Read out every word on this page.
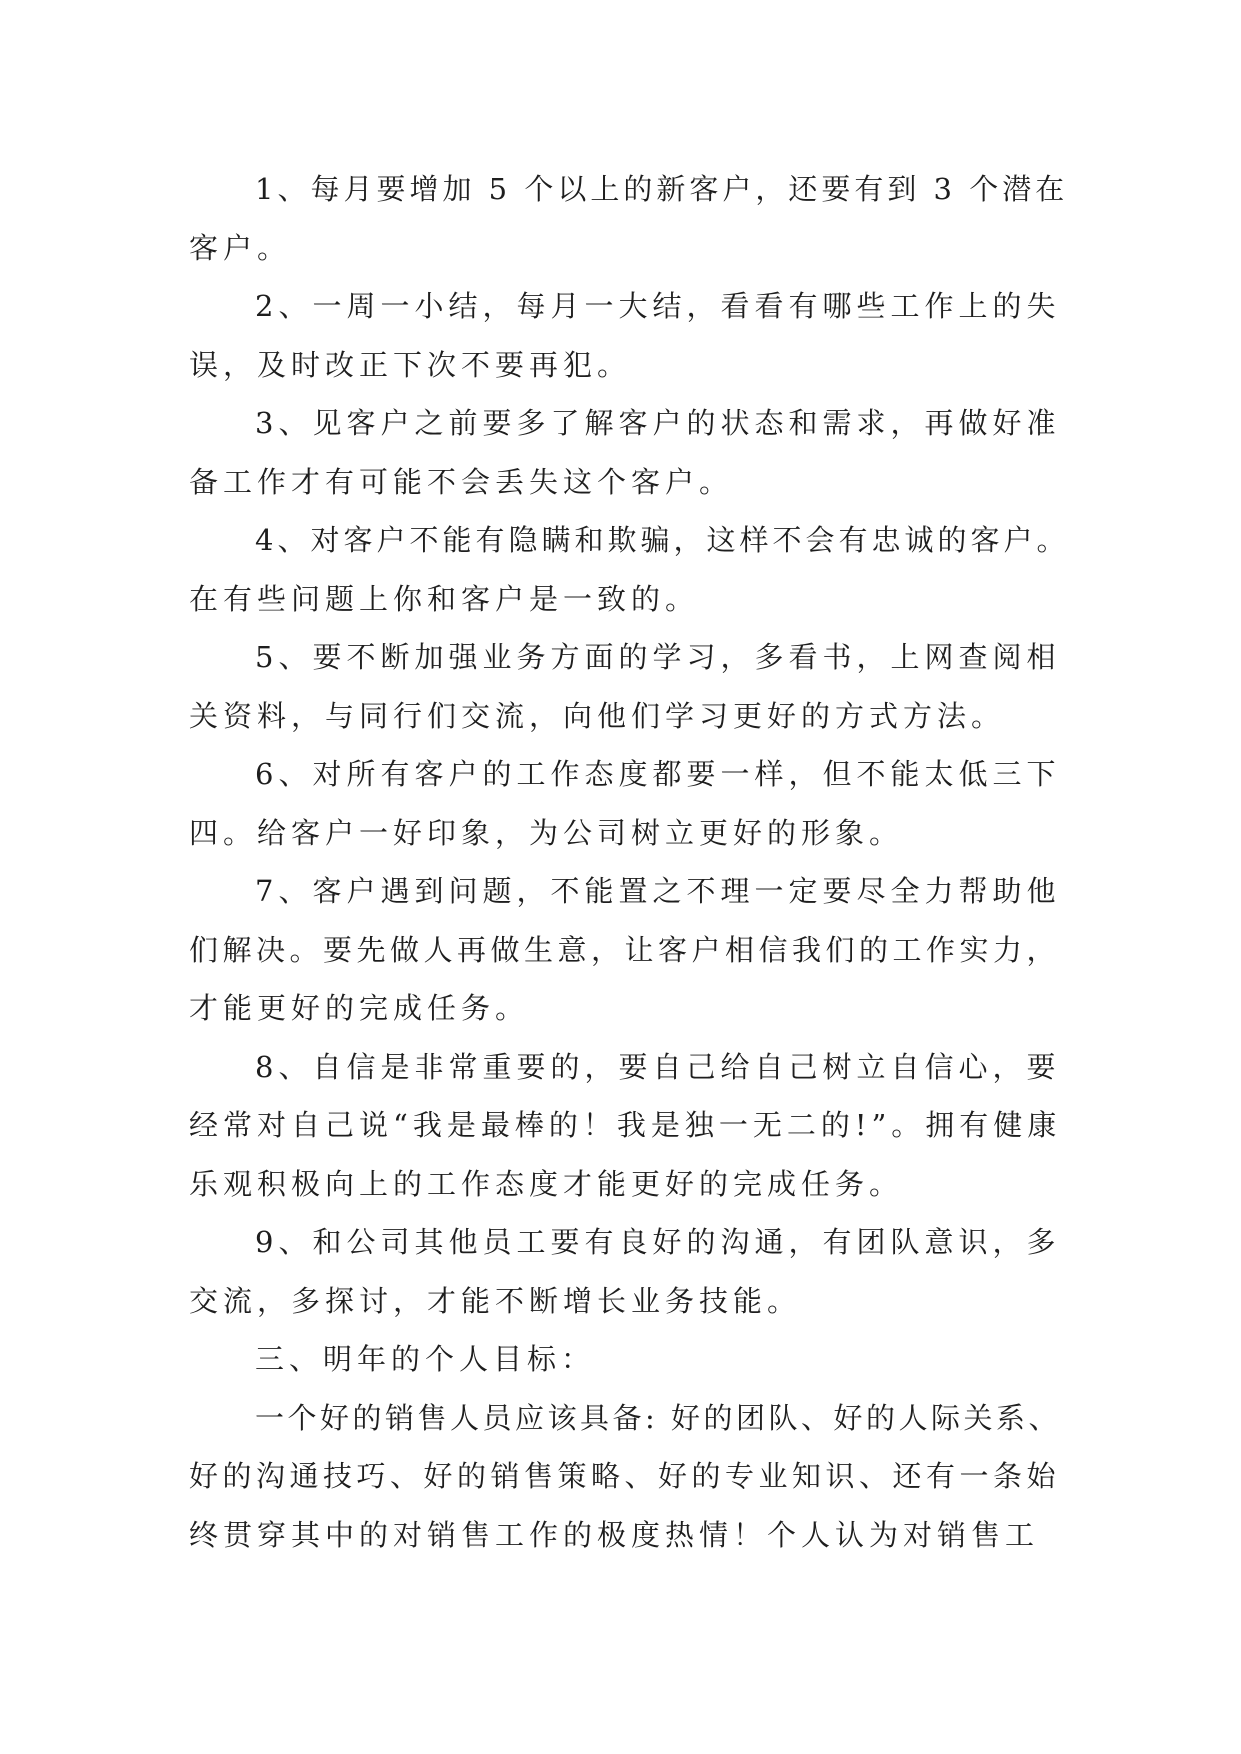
1、每月要增加 5 个以上的新客户，还要有到 3 个潜在
客户。
2、一周一小结，每月一大结，看看有哪些工作上的失
误，及时改正下次不要再犯。
3、见客户之前要多了解客户的状态和需求，再做好准
备工作才有可能不会丢失这个客户。
4、对客户不能有隐瞒和欺骗，这样不会有忠诚的客户。
在有些问题上你和客户是一致的。
5、要不断加强业务方面的学习，多看书，上网查阅相
关资料，与同行们交流，向他们学习更好的方式方法。
6、对所有客户的工作态度都要一样，但不能太低三下
四。给客户一好印象，为公司树立更好的形象。
7、客户遇到问题，不能置之不理一定要尽全力帮助他
们解决。要先做人再做生意，让客户相信我们的工作实力，
才能更好的完成任务。
8、自信是非常重要的，要自己给自己树立自信心，要
经常对自己说“我是最棒的！我是独一无二的!”。拥有健康
乐观积极向上的工作态度才能更好的完成任务。
9、和公司其他员工要有良好的沟通，有团队意识，多
交流，多探讨，才能不断增长业务技能。
三、明年的个人目标：
一个好的销售人员应该具备: 好的团队、好的人际关系、
好的沟通技巧、好的销售策略、好的专业知识、还有一条始
终贯穿其中的对销售工作的极度热情！个人认为对销售工
